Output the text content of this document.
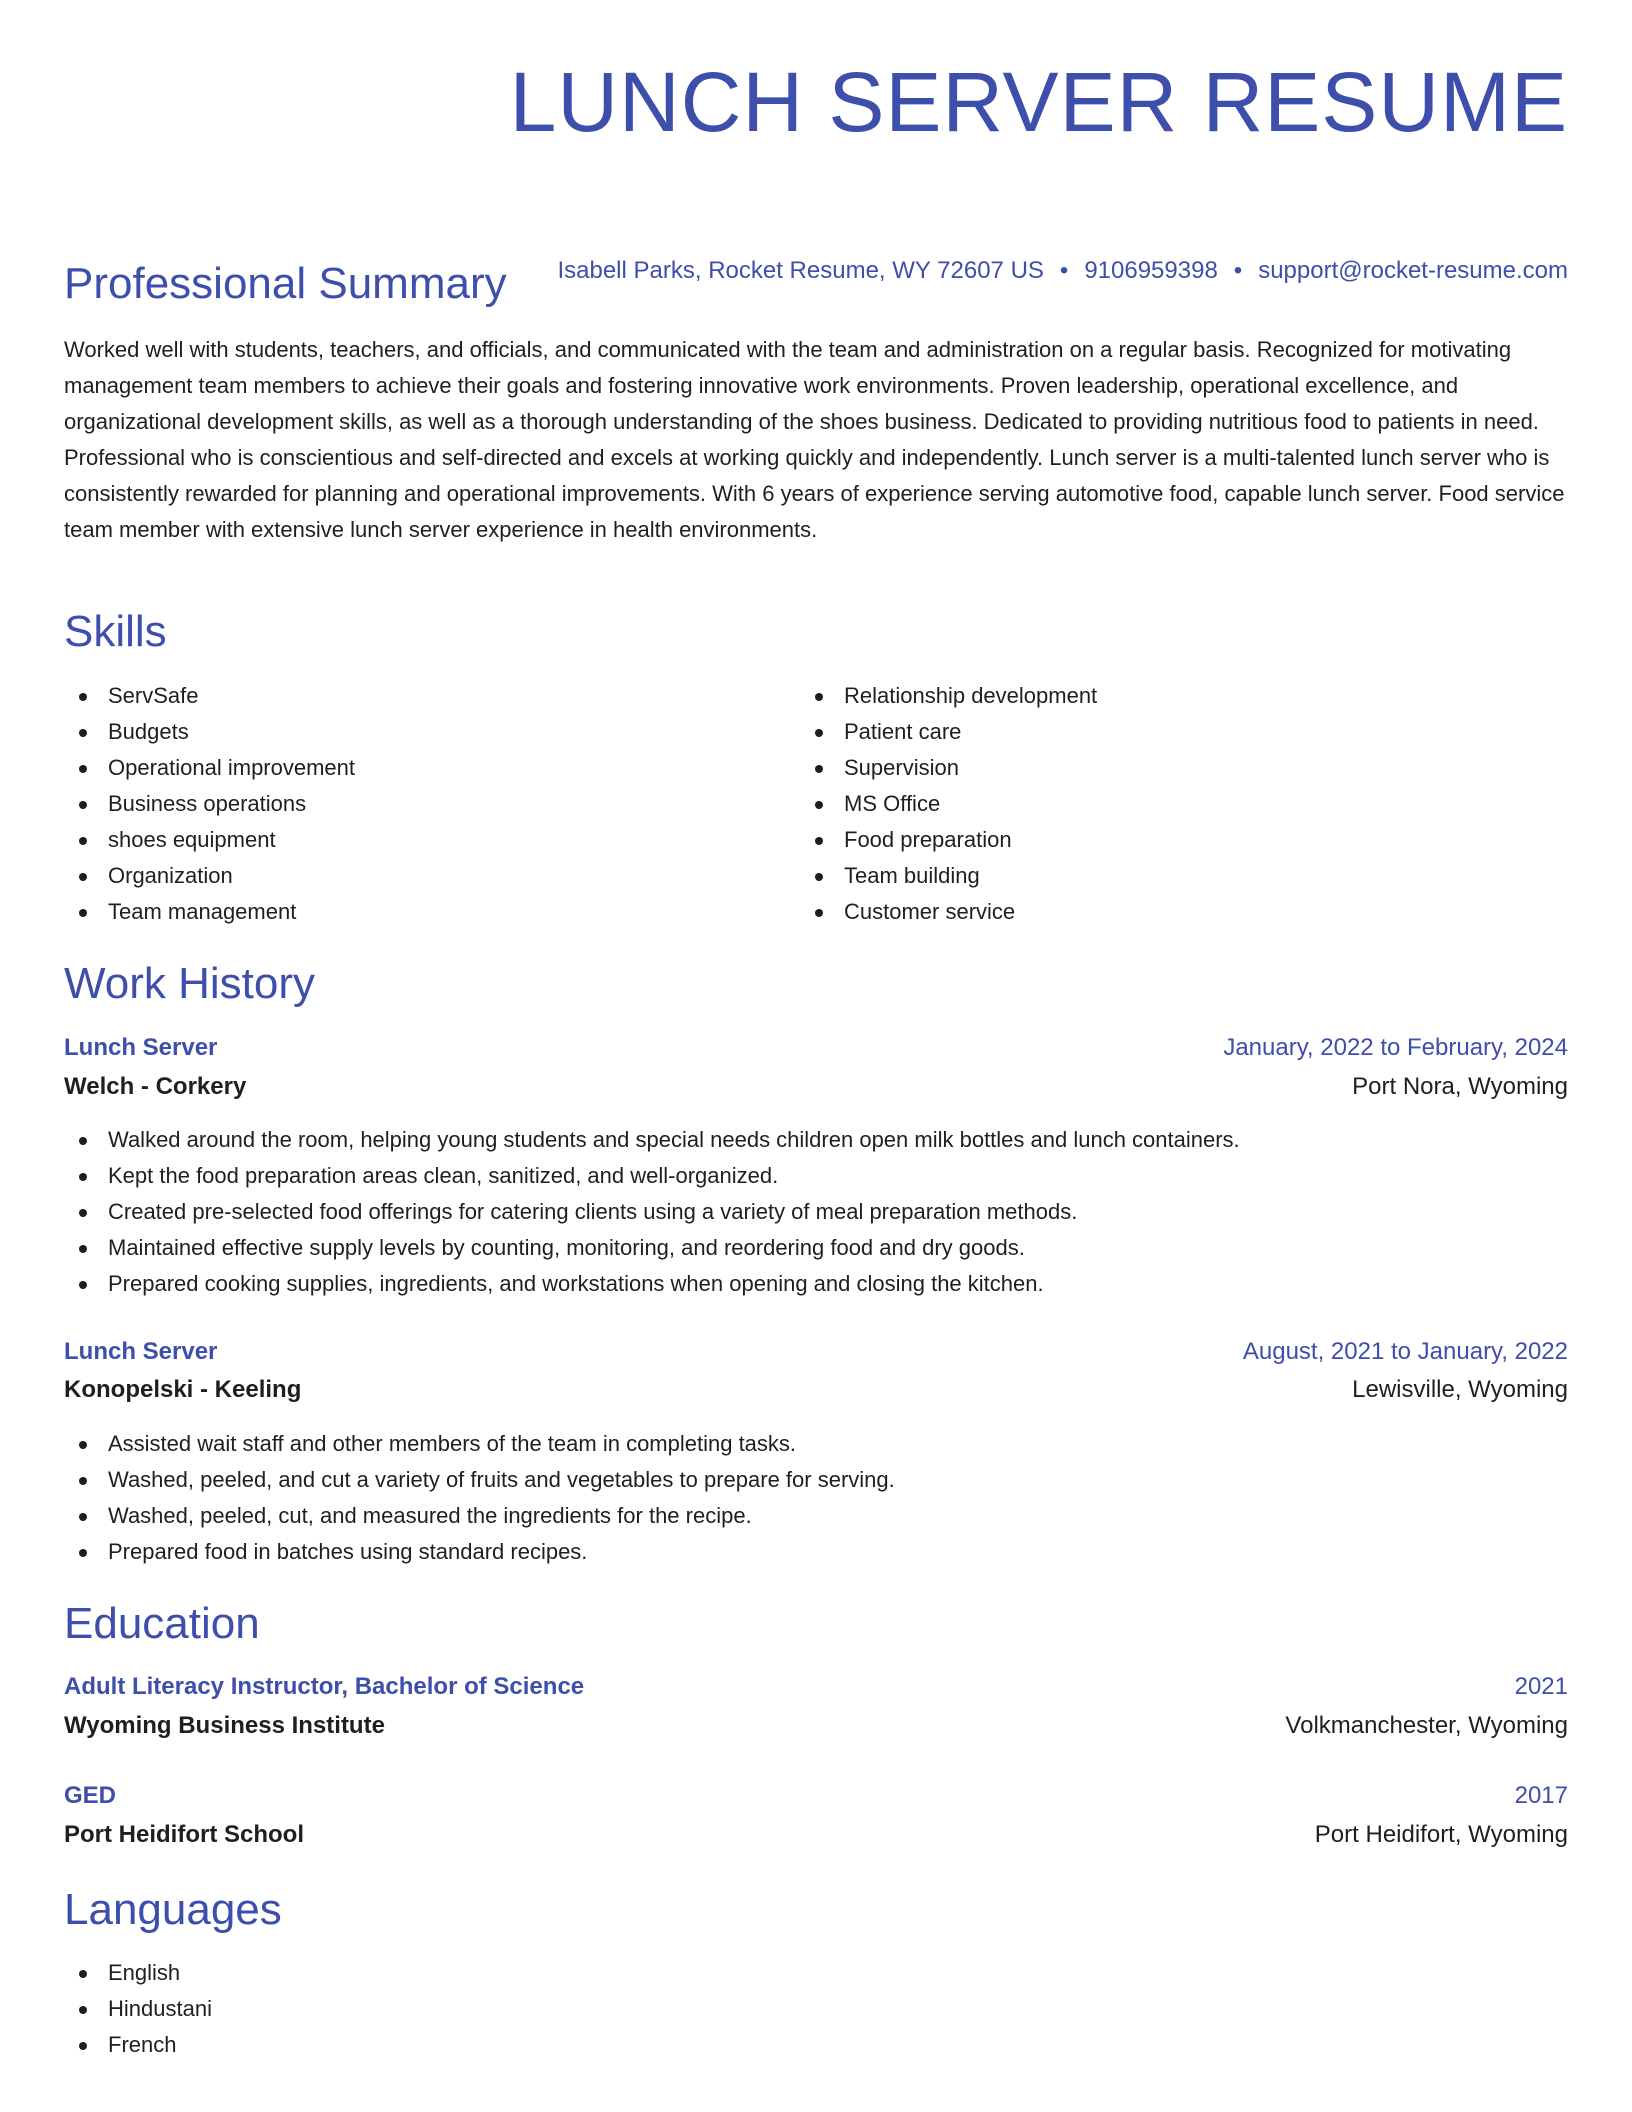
LUNCH SERVER RESUME
Isabell Parks, Rocket Resume, WY 72607 US • 9106959398 • support@rocket-resume.com
Professional Summary

Worked well with students, teachers, and officials, and communicated with the team and administration on a regular basis. Recognized for motivating management team members to achieve their goals and fostering innovative work environments. Proven leadership, operational excellence, and organizational development skills, as well as a thorough understanding of the shoes business. Dedicated to providing nutritious food to patients in need. Professional who is conscientious and self-directed and excels at working quickly and independently. Lunch server is a multi-talented lunch server who is consistently rewarded for planning and operational improvements. With 6 years of experience serving automotive food, capable lunch server. Food service team member with extensive lunch server experience in health environments.

Skills
ServSafe
Budgets
Operational improvement
Business operations
shoes equipment
Organization
Team management
Relationship development
Patient care
Supervision
MS Office
Food preparation
Team building
Customer service
Work History
Lunch Server	January, 2022 to February, 2024
Welch - Corkery	Port Nora, Wyoming
Walked around the room, helping young students and special needs children open milk bottles and lunch containers.
Kept the food preparation areas clean, sanitized, and well-organized.
Created pre-selected food offerings for catering clients using a variety of meal preparation methods.
Maintained effective supply levels by counting, monitoring, and reordering food and dry goods.
Prepared cooking supplies, ingredients, and workstations when opening and closing the kitchen.
Lunch Server	August, 2021 to January, 2022
Konopelski - Keeling	Lewisville, Wyoming
Assisted wait staff and other members of the team in completing tasks.
Washed, peeled, and cut a variety of fruits and vegetables to prepare for serving.
Washed, peeled, cut, and measured the ingredients for the recipe.
Prepared food in batches using standard recipes.
Education
Adult Literacy Instructor, Bachelor of Science	2021
Wyoming Business Institute	Volkmanchester, Wyoming
GED	2017
Port Heidifort School	Port Heidifort, Wyoming
Languages
English
Hindustani
French
